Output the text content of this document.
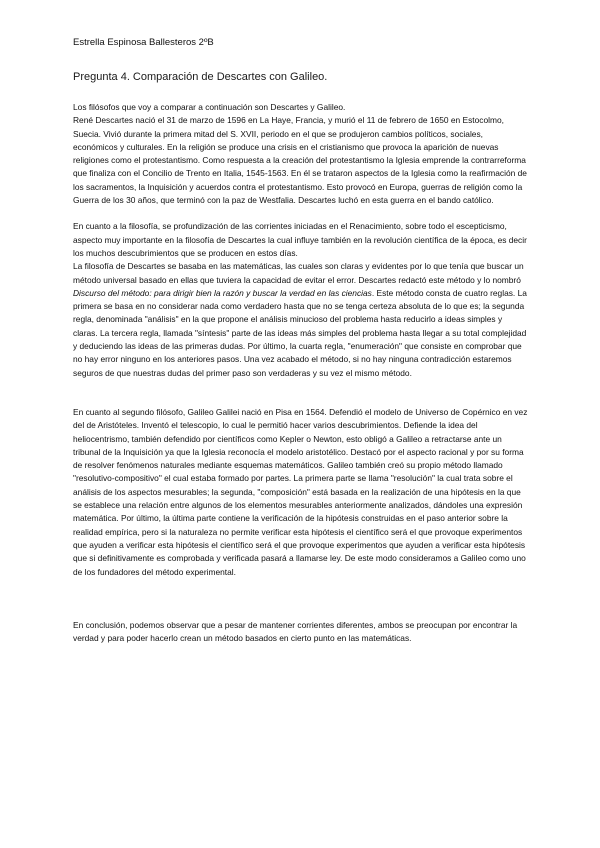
Estrella Espinosa Ballesteros 2ºB
Pregunta 4. Comparación de Descartes con Galileo.

Los filósofos que voy a comparar a continuación son Descartes y Galileo.

René Descartes nació el 31 de marzo de 1596 en La Haye, Francia, y murió el 11 de febrero de 1650 en Estocolmo, Suecia. Vivió durante la primera mitad del S. XVII, periodo en el que se produjeron cambios políticos, sociales, económicos y culturales. En la religión se produce una crisis en el cristianismo que provoca la aparición de nuevas religiones como el protestantismo. Como respuesta a la creación del protestantismo la Iglesia emprende la contrarreforma que finaliza con el Concilio de Trento en Italia, 1545-1563. En él se trataron aspectos de la Iglesia como la reafirmación de los sacramentos, la Inquisición y acuerdos contra el protestantismo. Esto provocó en Europa, guerras de religión como la Guerra de los 30 años, que terminó con la paz de Westfalia. Descartes luchó en esta guerra en el bando católico.

En cuanto a la filosofía, se profundización de las corrientes iniciadas en el Renacimiento, sobre todo el escepticismo, aspecto muy importante en la filosofía de Descartes la cual influye también en la revolución científica de la época, es decir los muchos descubrimientos que se producen en estos días.

La filosofía de Descartes se basaba en las matemáticas, las cuales son claras y evidentes por lo que tenía que buscar un método universal basado en ellas que tuviera la capacidad de evitar el error. Descartes redactó este método y lo nombró Discurso del método: para dirigir bien la razón y buscar la verdad en las ciencias. Este método consta de cuatro reglas. La primera se basa en no considerar nada como verdadero hasta que no se tenga certeza absoluta de lo que es; la segunda regla, denominada "análisis" en la que propone el análisis minucioso del problema hasta reducirlo a ideas simples y claras. La tercera regla, llamada "síntesis" parte de las ideas más simples del problema hasta llegar a su total complejidad y deduciendo las ideas de las primeras dudas. Por último, la cuarta regla, "enumeración" que consiste en comprobar que no hay error ninguno en los anteriores pasos. Una vez acabado el método, si no hay ninguna contradicción estaremos seguros de que nuestras dudas del primer paso son verdaderas y su vez el mismo método.

En cuanto al segundo filósofo, Galileo Galilei nació en Pisa en 1564. Defendió el modelo de Universo de Copérnico en vez del de Aristóteles. Inventó el telescopio, lo cual le permitió hacer varios descubrimientos. Defiende la idea del heliocentrismo, también defendido por científicos como Kepler o Newton, esto obligó a Galileo a retractarse ante un tribunal de la Inquisición ya que la Iglesia reconocía el modelo aristotélico. Destacó por el aspecto racional y por su forma de resolver fenómenos naturales mediante esquemas matemáticos. Galileo también creó su propio método llamado "resolutivo-compositivo" el cual estaba formado por partes. La primera parte se llama "resolución" la cual trata sobre el análisis de los aspectos mesurables; la segunda, "composición" está basada en la realización de una hipótesis en la que se establece una relación entre algunos de los elementos mesurables anteriormente analizados, dándoles una expresión matemática. Por último, la última parte contiene la verificación de la hipótesis construidas en el paso anterior sobre la realidad empírica, pero si la naturaleza no permite verificar esta hipótesis el científico será el que provoque experimentos que ayuden a verificar esta hipótesis el científico será el que provoque experimentos que ayuden a verificar esta hipótesis que si definitivamente es comprobada y verificada pasará a llamarse ley. De este modo consideramos a Galileo como uno de los fundadores del método experimental.

En conclusión, podemos observar que a pesar de mantener corrientes diferentes, ambos se preocupan por encontrar la verdad y para poder hacerlo crean un método basados en cierto punto en las matemáticas.
